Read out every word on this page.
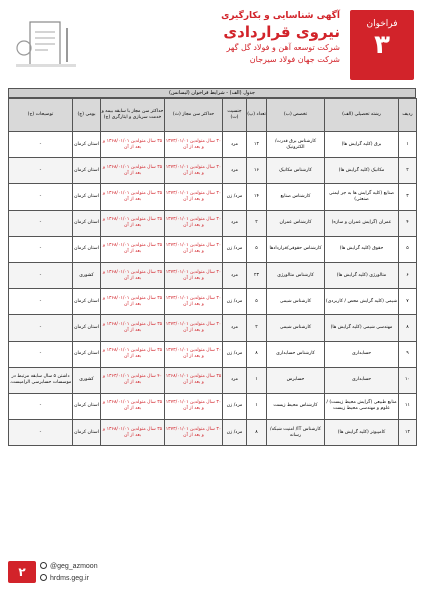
آگهی شناسایی و بکارگیری
نیروی قراردادی
شرکت توسعه آهن و فولاد گل گهر
شرکت جهان فولاد سیرجان
فراخوان
۳
جدول (الف) - شرایط فراخوان (لیسانس)
ردیف	رشته تحصیلی (الف)	تخصص (ب)	تعداد (پ)	جنسیت (ت)	حداکثر سن مجاز (ث)	حداکثر سن مجاز با سابقه بیمه و خدمت سربازی و ایثارگری (ج)	بومی (چ)	توضیحات (ح)
۱	برق (کلیه گرایش ها)	کارشناس برق قدرت/الکترونیک	۱۲	مرد	۳۰ سال متولدین ۱۳۷۳/۰۱/۰۱ و بعد از آن	۳۵ سال متولدین ۱۳۶۸/۰۱/۰۱ و بعد از آن	استان کرمان	-
۲	مکانیک (کلیه گرایش ها)	کارشناس مکانیک	۱۶	مرد	۳۰ سال متولدین ۱۳۷۳/۰۱/۰۱ و بعد از آن	۳۵ سال متولدین ۱۳۶۸/۰۱/۰۱ و بعد از آن	استان کرمان	-
۳	صنایع (کلیه گرایش ها به جز ایمنی صنعتی)	کارشناس صنایع	۱۴	مرد/ زن	۳۰ سال متولدین ۱۳۷۳/۰۱/۰۱ و بعد از آن	۳۵ سال متولدین ۱۳۶۸/۰۱/۰۱ و بعد از آن	استان کرمان	-
۴	عمران (گرایش عمران و سازه)	کارشناس عمران	۲	مرد	۳۰ سال متولدین ۱۳۷۳/۰۱/۰۱ و بعد از آن	۳۵ سال متولدین ۱۳۶۸/۰۱/۰۱ و بعد از آن	استان کرمان	-
۵	حقوق (کلیه گرایش ها)	کارشناس حقوقی/قراردادها	۵	مرد/ زن	۳۰ سال متولدین ۱۳۷۳/۰۱/۰۱ و بعد از آن	۳۵ سال متولدین ۱۳۶۸/۰۱/۰۱ و بعد از آن	استان کرمان	-
۶	متالورژی (کلیه گرایش ها)	کارشناس متالورژی	۲۳	مرد	۳۰ سال متولدین ۱۳۷۳/۰۱/۰۱ و بعد از آن	۳۵ سال متولدین ۱۳۶۸/۰۱/۰۱ و بعد از آن	کشوری	-
۷	شیمی (کلیه گرایش محض / کاربردی)	کارشناس شیمی	۵	مرد/ زن	۳۰ سال متولدین ۱۳۷۳/۰۱/۰۱ و بعد از آن	۳۵ سال متولدین ۱۳۶۸/۰۱/۰۱ و بعد از آن	استان کرمان	-
۸	مهندسی شیمی (کلیه گرایش ها)	کارشناس شیمی	۲	مرد	۳۰ سال متولدین ۱۳۷۳/۰۱/۰۱ و بعد از آن	۳۵ سال متولدین ۱۳۶۸/۰۱/۰۱ و بعد از آن	استان کرمان	-
۹	حسابداری	کارشناس حسابداری	۸	مرد/ زن	۳۰ سال متولدین ۱۳۷۳/۰۱/۰۱ و بعد از آن	۳۵ سال متولدین ۱۳۶۸/۰۱/۰۱ و بعد از آن	استان کرمان	-
۱۰	حسابداری	حسابرس	۱	مرد	۳۵ سال متولدین ۱۳۶۸/۰۱/۰۱ و بعد از آن	۴۰ سال متولدین ۱۳۶۳/۰۱/۰۱ و بعد از آن	کشوری	داشتن ۵ سال سابقه مرتبط در موسسات حسابرسی الزامیست.
۱۱	منابع طبیعی (گرایش محیط زیست) / علوم و مهندسی محیط زیست	کارشناس محیط زیست	۱	مرد/ زن	۳۰ سال متولدین ۱۳۷۳/۰۱/۰۱ و بعد از آن	۳۵ سال متولدین ۱۳۶۸/۰۱/۰۱ و بعد از آن	استان کرمان	-
۱۲	کامپیوتر (کلیه گرایش ها)	کارشناس IT/ امنیت شبکه/ رسانه	۸	مرد/ زن	۳۰ سال متولدین ۱۳۷۳/۰۱/۰۱ و بعد از آن	۳۵ سال متولدین ۱۳۶۸/۰۱/۰۱ و بعد از آن	استان کرمان	-
۲	@geg_azmoon
hrdms.geg.ir
